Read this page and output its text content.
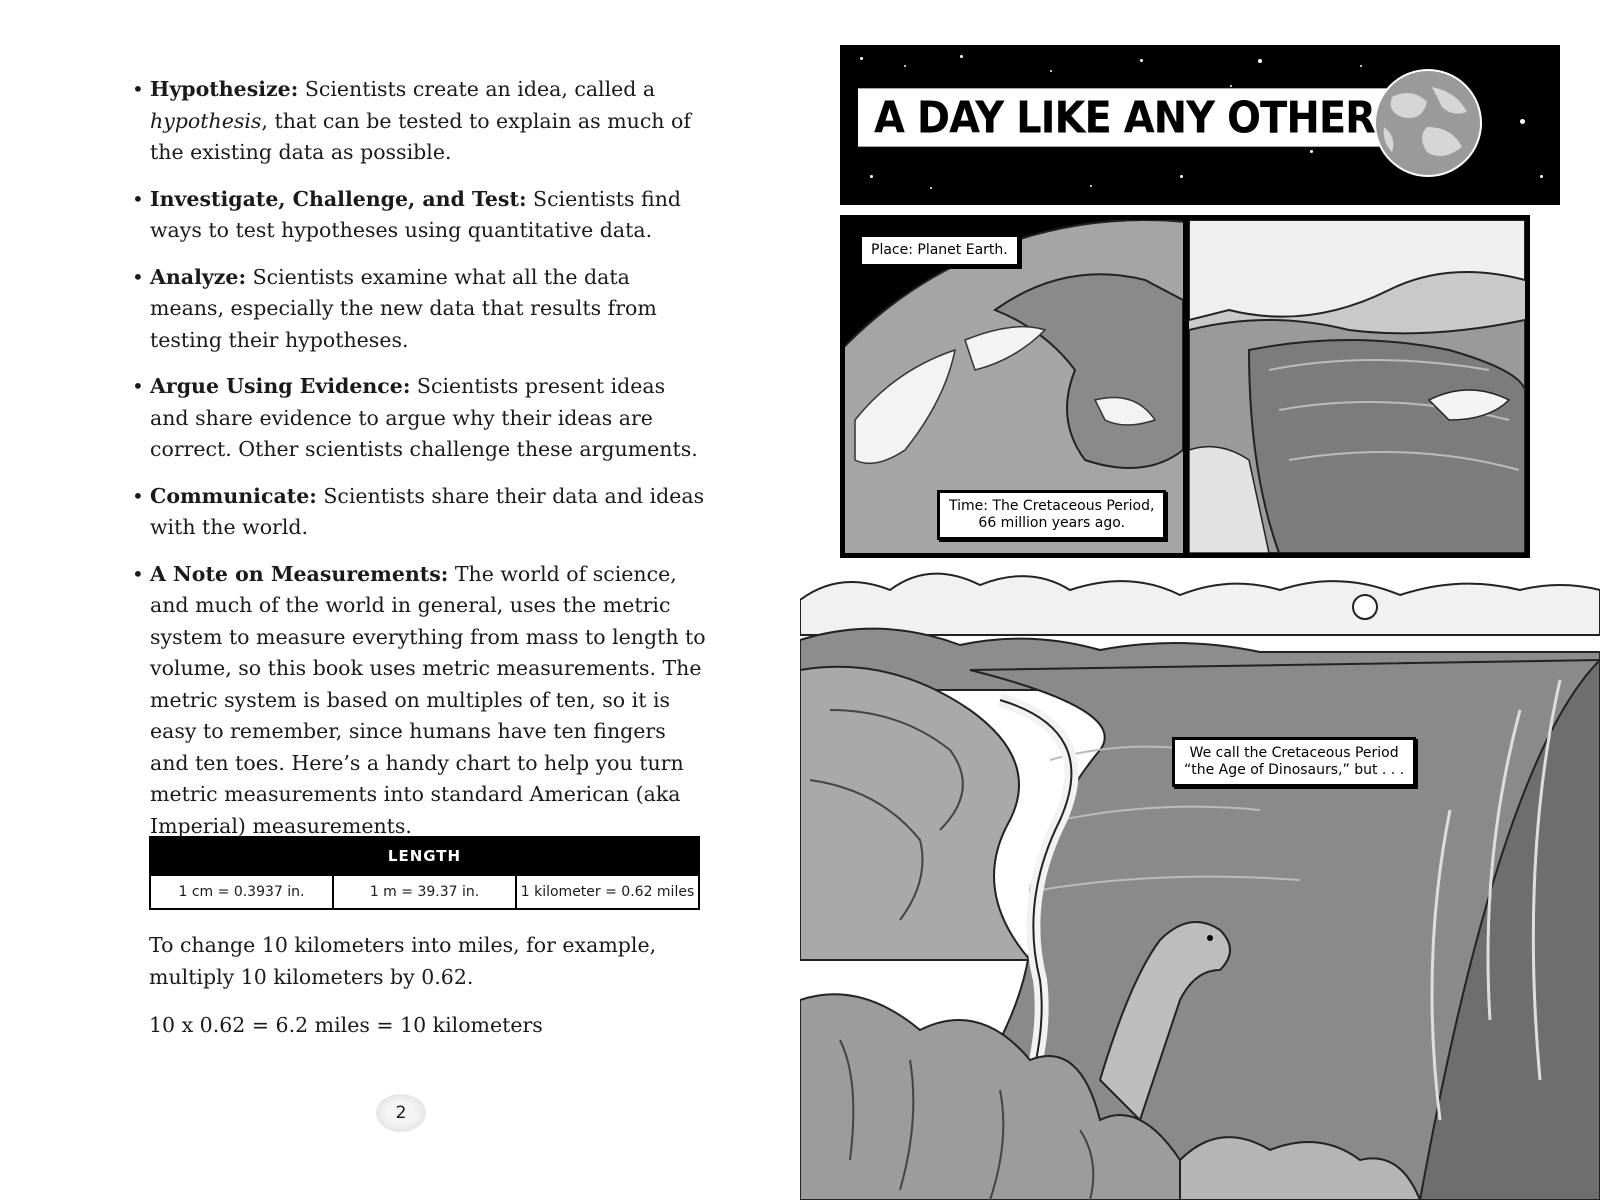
• Hypothesize: Scientists create an idea, called a hypothesis, that can be tested to explain as much of the existing data as possible.
• Investigate, Challenge, and Test: Scientists find ways to test hypotheses using quantitative data.
• Analyze: Scientists examine what all the data means, especially the new data that results from testing their hypotheses.
• Argue Using Evidence: Scientists present ideas and share evidence to argue why their ideas are correct. Other scientists challenge these arguments.
• Communicate: Scientists share their data and ideas with the world.
• A Note on Measurements: The world of science, and much of the world in general, uses the metric system to measure everything from mass to length to volume, so this book uses metric measurements. The metric system is based on multiples of ten, so it is easy to remember, since humans have ten fingers and ten toes. Here’s a handy chart to help you turn metric measurements into standard American (aka Imperial) measurements.
LENGTH
1 cm = 0.3937 in.	1 m = 39.37 in.	1 kilometer = 0.62 miles

To change 10 kilometers into miles, for example, multiply 10 kilometers by 0.62.

10 x 0.62 = 6.2 miles = 10 kilometers

2
A DAY LIKE ANY OTHER
Place: Planet Earth.
Time: The Cretaceous Period,
66 million years ago.
We call the Cretaceous Period
“the Age of Dinosaurs,” but . . .
